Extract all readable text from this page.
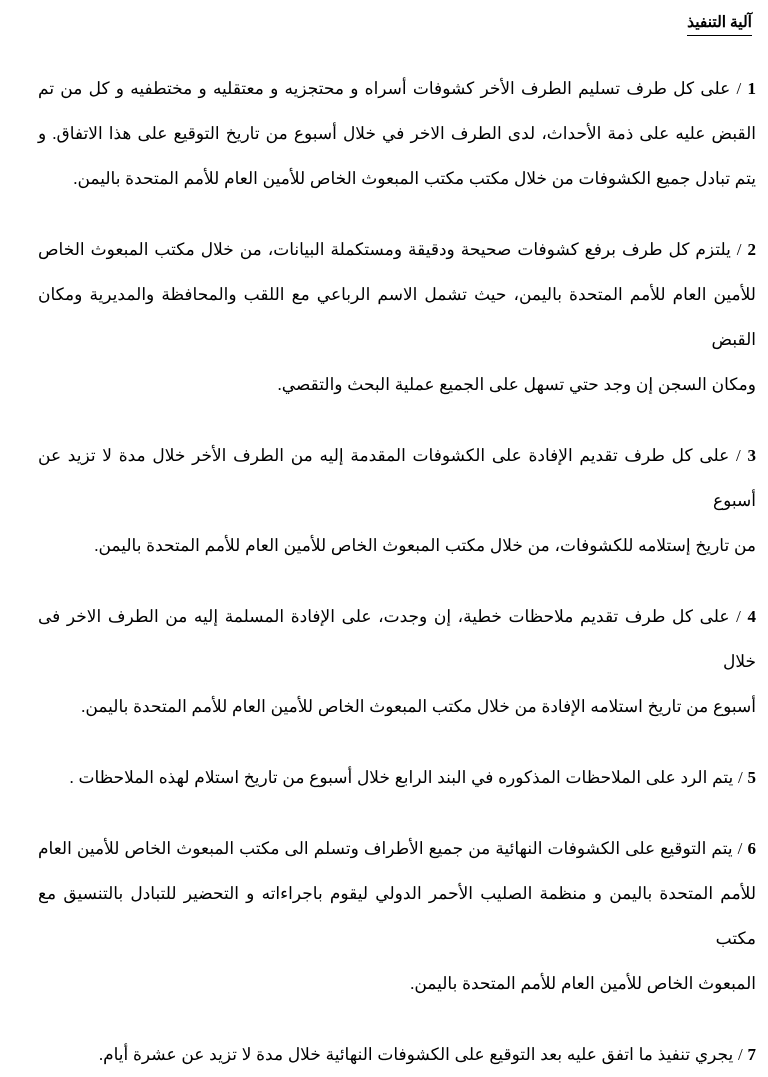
آلية التنفيذ
1 / على كل طرف تسليم الطرف الأخر كشوفات أسراه و محتجزيه و معتقليه و مختطفيه و كل من تم
القبض عليه على ذمة الأحداث، لدى الطرف الاخر في خلال أسبوع من تاريخ التوقيع على هذا الاتفاق. و
يتم تبادل جميع الكشوفات من خلال مكتب مكتب المبعوث الخاص للأمين العام للأمم المتحدة باليمن.
2 / يلتزم كل طرف برفع كشوفات صحيحة ودقيقة ومستكملة البيانات، من خلال مكتب المبعوث الخاص
للأمين العام للأمم المتحدة باليمن، حيث تشمل الاسم الرباعي مع اللقب والمحافظة والمديرية ومكان القبض
ومكان السجن إن وجد حتي تسهل على الجميع عملية البحث والتقصي.
3 / على كل طرف تقديم الإفادة على الكشوفات المقدمة إليه من الطرف الأخر خلال مدة لا تزيد عن أسبوع
من تاريخ إستلامه للكشوفات، من خلال مكتب المبعوث الخاص للأمين العام للأمم المتحدة باليمن.
4 / على كل طرف تقديم ملاحظات خطية، إن وجدت، على الإفادة المسلمة إليه من الطرف الاخر فى خلال
أسبوع من تاريخ استلامه الإفادة من خلال مكتب المبعوث الخاص للأمين العام للأمم المتحدة باليمن.
5 / يتم الرد على الملاحظات المذكوره في البند الرابع خلال أسبوع من تاريخ استلام لهذه الملاحظات .
6 / يتم التوقيع على الكشوفات النهائية من جميع الأطراف وتسلم الى مكتب المبعوث الخاص للأمين العام
للأمم المتحدة باليمن و منظمة الصليب الأحمر الدولي ليقوم باجراءاته و التحضير للتبادل بالتنسيق مع مكتب
المبعوث الخاص للأمين العام للأمم المتحدة باليمن.
7 / يجري تنفيذ ما اتفق عليه بعد التوقيع على الكشوفات النهائية خلال مدة لا تزيد عن عشرة أيام.
